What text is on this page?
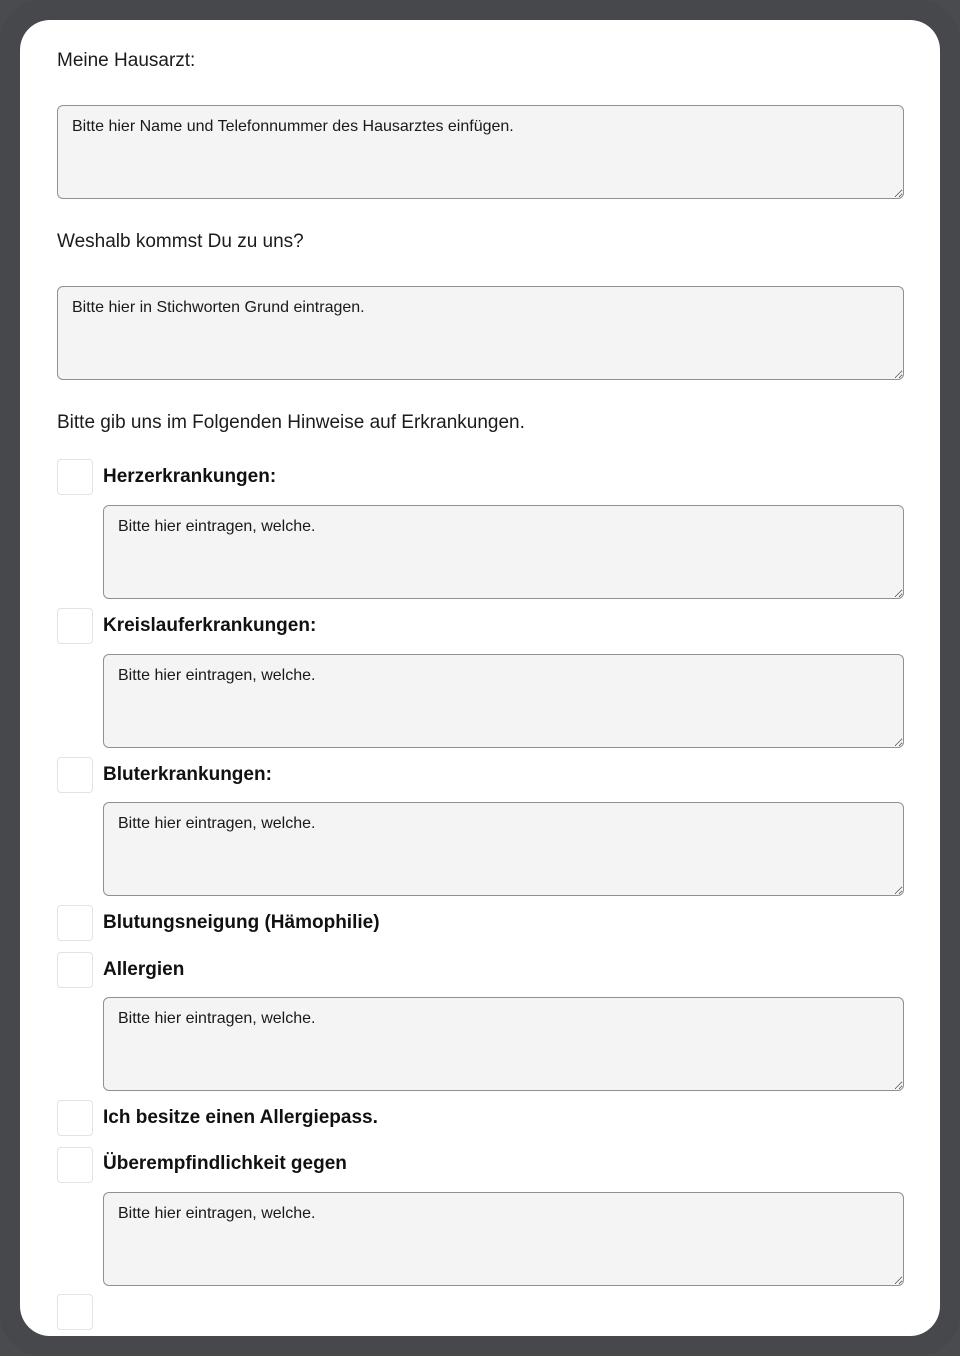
Meine Hausarzt:
Bitte hier Name und Telefonnummer des Hausarztes einfügen.
Weshalb kommst Du zu uns?
Bitte hier in Stichworten Grund eintragen.
Bitte gib uns im Folgenden Hinweise auf Erkrankungen.
Herzerkrankungen:
Bitte hier eintragen, welche.
Kreislauferkrankungen:
Bitte hier eintragen, welche.
Bluterkrankungen:
Bitte hier eintragen, welche.
Blutungsneigung (Hämophilie)
Allergien
Bitte hier eintragen, welche.
Ich besitze einen Allergiepass.
Überempfindlichkeit gegen
Bitte hier eintragen, welche.
